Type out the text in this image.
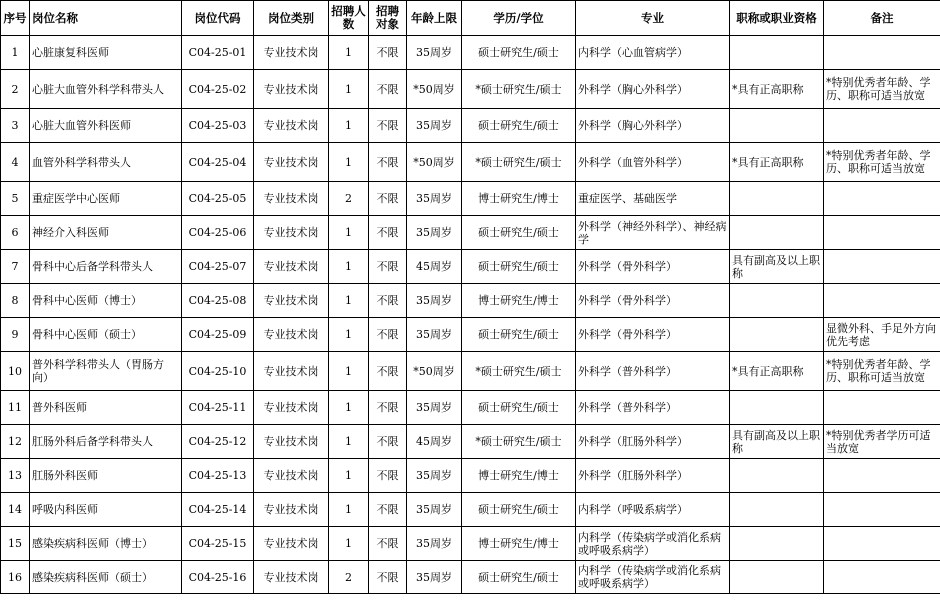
序号	岗位名称	岗位代码	岗位类别	招聘人数	招聘对象	年龄上限	学历/学位	专业	职称或职业资格	备注
1	心脏康复科医师	C04-25-01	专业技术岗	1	不限	35周岁	硕士研究生/硕士	内科学（心血管病学）		
2	心脏大血管外科学科带头人	C04-25-02	专业技术岗	1	不限	*50周岁	*硕士研究生/硕士	外科学（胸心外科学）	*具有正高职称	*特别优秀者年龄、学历、职称可适当放宽
3	心脏大血管外科医师	C04-25-03	专业技术岗	1	不限	35周岁	硕士研究生/硕士	外科学（胸心外科学）		
4	血管外科学科带头人	C04-25-04	专业技术岗	1	不限	*50周岁	*硕士研究生/硕士	外科学（血管外科学）	*具有正高职称	*特别优秀者年龄、学历、职称可适当放宽
5	重症医学中心医师	C04-25-05	专业技术岗	2	不限	35周岁	博士研究生/博士	重症医学、基础医学		
6	神经介入科医师	C04-25-06	专业技术岗	1	不限	35周岁	硕士研究生/硕士	外科学（神经外科学）、神经病学		
7	骨科中心后备学科带头人	C04-25-07	专业技术岗	1	不限	45周岁	硕士研究生/硕士	外科学（骨外科学）	具有副高及以上职称	
8	骨科中心医师（博士）	C04-25-08	专业技术岗	1	不限	35周岁	博士研究生/博士	外科学（骨外科学）		
9	骨科中心医师（硕士）	C04-25-09	专业技术岗	1	不限	35周岁	硕士研究生/硕士	外科学（骨外科学）		显微外科、手足外方向优先考虑
10	普外科学科带头人（胃肠方向）	C04-25-10	专业技术岗	1	不限	*50周岁	*硕士研究生/硕士	外科学（普外科学）	*具有正高职称	*特别优秀者年龄、学历、职称可适当放宽
11	普外科医师	C04-25-11	专业技术岗	1	不限	35周岁	硕士研究生/硕士	外科学（普外科学）		
12	肛肠外科后备学科带头人	C04-25-12	专业技术岗	1	不限	45周岁	*硕士研究生/硕士	外科学（肛肠外科学）	具有副高及以上职称	*特别优秀者学历可适当放宽
13	肛肠外科医师	C04-25-13	专业技术岗	1	不限	35周岁	博士研究生/博士	外科学（肛肠外科学）		
14	呼吸内科医师	C04-25-14	专业技术岗	1	不限	35周岁	硕士研究生/硕士	内科学（呼吸系病学）		
15	感染疾病科医师（博士）	C04-25-15	专业技术岗	1	不限	35周岁	博士研究生/博士	内科学（传染病学或消化系病或呼吸系病学）		
16	感染疾病科医师（硕士）	C04-25-16	专业技术岗	2	不限	35周岁	硕士研究生/硕士	内科学（传染病学或消化系病或呼吸系病学）		
